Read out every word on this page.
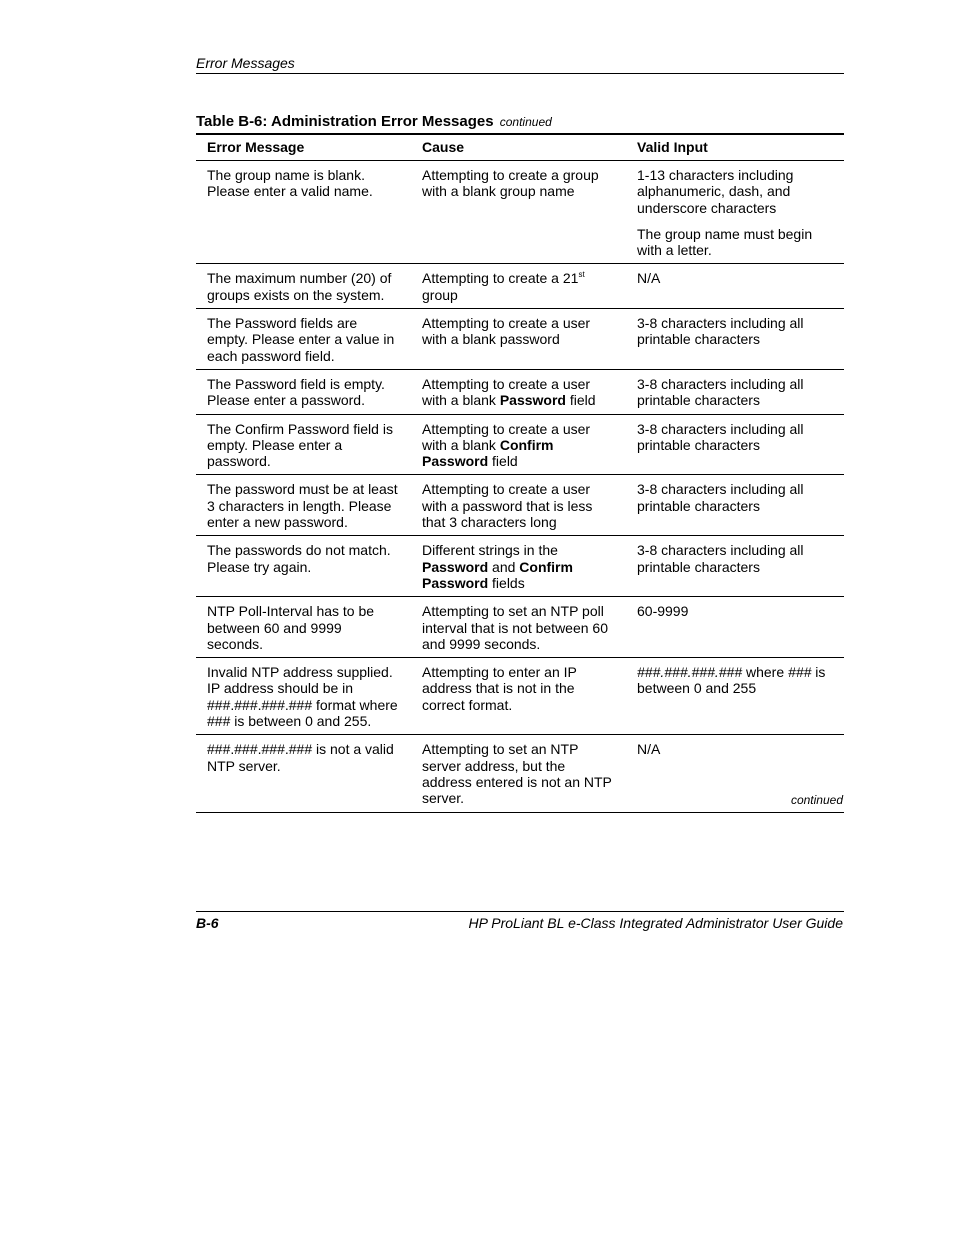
Error Messages
Table B-6: Administration Error Messages continued
Error Message	Cause	Valid Input
The group name is blank. Please enter a valid name.	Attempting to create a group with a blank group name	1-13 characters including alphanumeric, dash, and underscore characters

The group name must begin with a letter.

The maximum number (20) of groups exists on the system.	Attempting to create a 21st group	N/A
The Password fields are empty. Please enter a value in each password field.	Attempting to create a user with a blank password	3-8 characters including all printable characters
The Password field is empty. Please enter a password.	Attempting to create a user with a blank Password field	3-8 characters including all printable characters
The Confirm Password field is empty. Please enter a password.	Attempting to create a user with a blank Confirm Password field	3-8 characters including all printable characters
The password must be at least 3 characters in length. Please enter a new password.	Attempting to create a user with a password that is less that 3 characters long	3-8 characters including all printable characters
The passwords do not match. Please try again.	Different strings in the Password and Confirm Password fields	3-8 characters including all printable characters
NTP Poll-Interval has to be between 60 and 9999 seconds.	Attempting to set an NTP poll interval that is not between 60 and 9999 seconds.	60-9999
Invalid NTP address supplied. IP address should be in ###.###.###.### format where ### is between 0 and 255.	Attempting to enter an IP address that is not in the correct format.	###.###.###.### where ### is between 0 and 255
###.###.###.### is not a valid NTP server.	Attempting to set an NTP server address, but the address entered is not an NTP server.	N/A
continued
B-6	HP ProLiant BL e-Class Integrated Administrator User Guide
